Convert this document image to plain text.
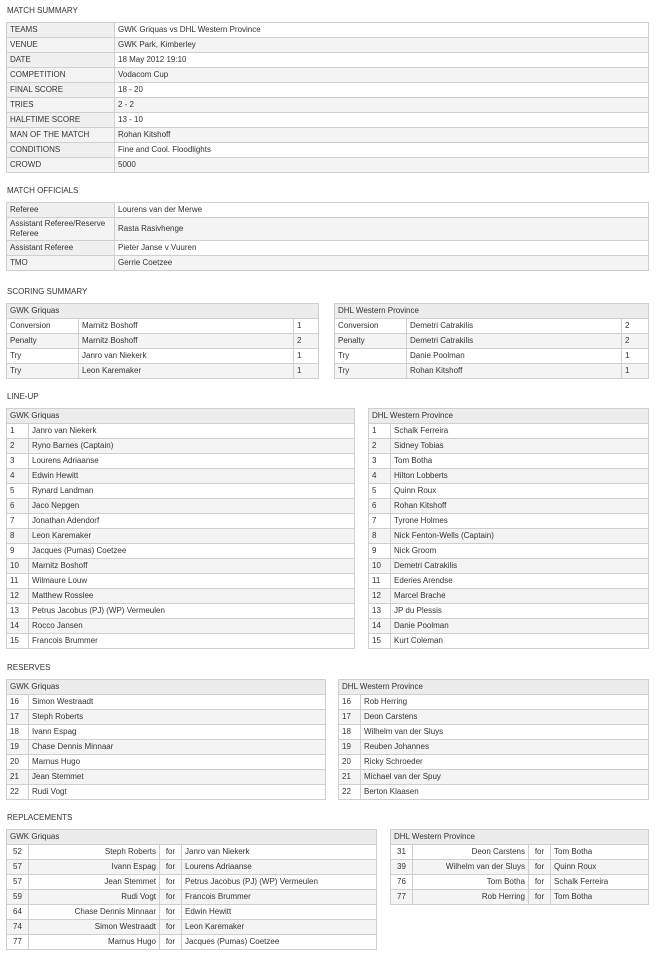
MATCH SUMMARY
TEAMS	GWK Griquas vs DHL Western Province
VENUE	GWK Park, Kimberley
DATE	18 May 2012 19:10
COMPETITION	Vodacom Cup
FINAL SCORE	18 - 20
TRIES	2 - 2
HALFTIME SCORE	13 - 10
MAN OF THE MATCH	Rohan Kitshoff
CONDITIONS	Fine and Cool. Floodlights
CROWD	5000
MATCH OFFICIALS
Referee	Lourens van der Merwe
Assistant Referee/Reserve Referee	Rasta Rasivhenge
Assistant Referee	Pieter Janse v Vuuren
TMO	Gerrie Coetzee
SCORING SUMMARY
GWK Griquas		
Conversion	Marnitz Boshoff	1
Penalty	Marnitz Boshoff	2
Try	Janro van Niekerk	1
Try	Leon Karemaker	1
DHL Western Province		
Conversion	Demetri Catrakilis	2
Penalty	Demetri Catrakilis	2
Try	Danie Poolman	1
Try	Rohan Kitshoff	1
LINE-UP
GWK Griquas	
1	Janro van Niekerk
2	Ryno Barnes (Captain)
3	Lourens Adriaanse
4	Edwin Hewitt
5	Rynard Landman
6	Jaco Nepgen
7	Jonathan Adendorf
8	Leon Karemaker
9	Jacques (Pumas) Coetzee
10	Marnitz Boshoff
11	Wilmaure Louw
12	Matthew Rosslee
13	Petrus Jacobus (PJ) (WP) Vermeulen
14	Rocco Jansen
15	Francois Brummer
DHL Western Province	
1	Schalk Ferreira
2	Sidney Tobias
3	Tom Botha
4	Hilton Lobberts
5	Quinn Roux
6	Rohan Kitshoff
7	Tyrone Holmes
8	Nick Fenton-Wells (Captain)
9	Nick Groom
10	Demetri Catrakilis
11	Ederies Arendse
12	Marcel Brache
13	JP du Plessis
14	Danie Poolman
15	Kurt Coleman
RESERVES
GWK Griquas	
16	Simon Westraadt
17	Steph Roberts
18	Ivann Espag
19	Chase Dennis Minnaar
20	Marnus Hugo
21	Jean Stemmet
22	Rudi Vogt
DHL Western Province	
16	Rob Herring
17	Deon Carstens
18	Wilhelm van der Sluys
19	Reuben Johannes
20	Ricky Schroeder
21	Michael van der Spuy
22	Berton Klaasen
REPLACEMENTS
GWK Griquas			
52	Steph Roberts	for	Janro van Niekerk
57	Ivann Espag	for	Lourens Adriaanse
57	Jean Stemmet	for	Petrus Jacobus (PJ) (WP) Vermeulen
59	Rudi Vogt	for	Francois Brummer
64	Chase Dennis Minnaar	for	Edwin Hewitt
74	Simon Westraadt	for	Leon Karemaker
77	Marnus Hugo	for	Jacques (Pumas) Coetzee
DHL Western Province			
31	Deon Carstens	for	Tom Botha
39	Wilhelm van der Sluys	for	Quinn Roux
76	Tom Botha	for	Schalk Ferreira
77	Rob Herring	for	Tom Botha
